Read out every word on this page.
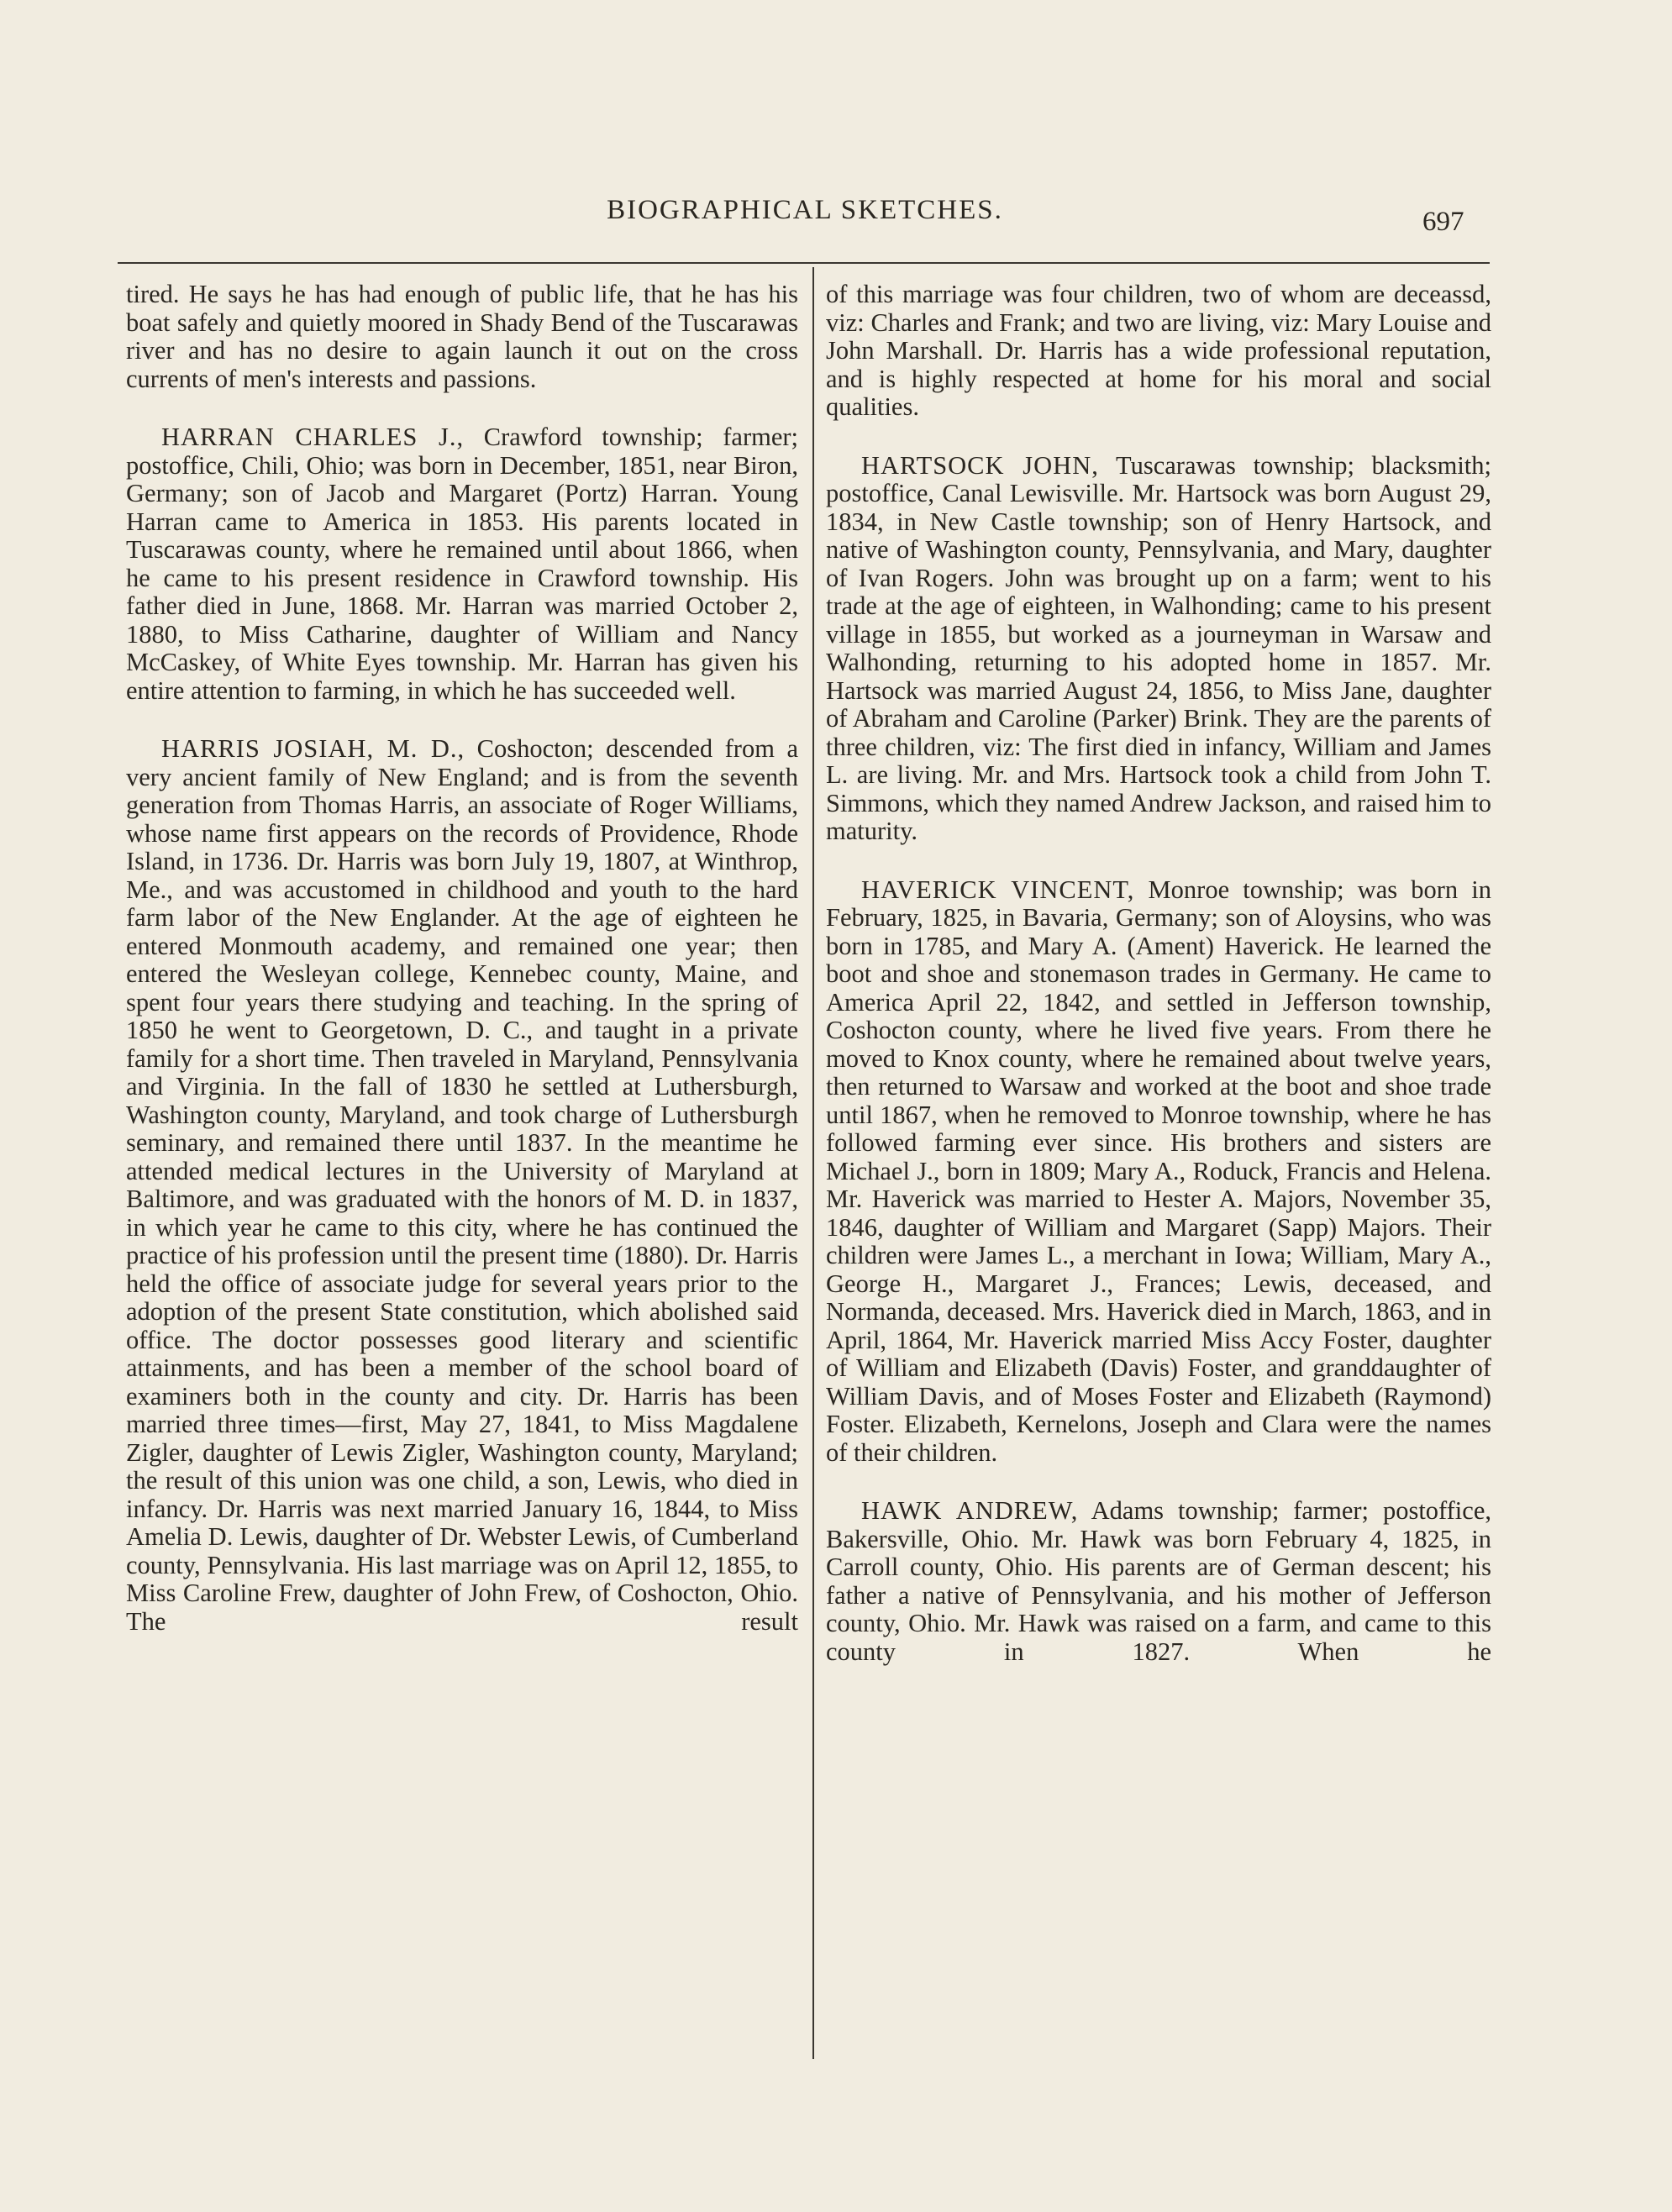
BIOGRAPHICAL SKETCHES.	697

tired. He says he has had enough of public life, that he has his boat safely and quietly moored in Shady Bend of the Tuscarawas river and has no desire to again launch it out on the cross currents of men's interests and passions.

HARRAN CHARLES J., Crawford township; farmer; postoffice, Chili, Ohio; was born in December, 1851, near Biron, Germany; son of Jacob and Margaret (Portz) Harran. Young Harran came to America in 1853. His parents located in Tuscarawas county, where he remained until about 1866, when he came to his present residence in Crawford township. His father died in June, 1868. Mr. Harran was married October 2, 1880, to Miss Catharine, daughter of William and Nancy McCaskey, of White Eyes township. Mr. Harran has given his entire attention to farming, in which he has succeeded well.

HARRIS JOSIAH, M. D., Coshocton; descended from a very ancient family of New England; and is from the seventh generation from Thomas Harris, an associate of Roger Williams, whose name first appears on the records of Providence, Rhode Island, in 1736. Dr. Harris was born July 19, 1807, at Winthrop, Me., and was accustomed in childhood and youth to the hard farm labor of the New Englander. At the age of eighteen he entered Monmouth academy, and remained one year; then entered the Wesleyan college, Kennebec county, Maine, and spent four years there studying and teaching. In the spring of 1850 he went to Georgetown, D. C., and taught in a private family for a short time. Then traveled in Maryland, Pennsylvania and Virginia. In the fall of 1830 he settled at Luthersburgh, Washington county, Maryland, and took charge of Luthersburgh seminary, and remained there until 1837. In the meantime he attended medical lectures in the University of Maryland at Baltimore, and was graduated with the honors of M. D. in 1837, in which year he came to this city, where he has continued the practice of his profession until the present time (1880). Dr. Harris held the office of associate judge for several years prior to the adoption of the present State constitution, which abolished said office. The doctor possesses good literary and scientific attainments, and has been a member of the school board of examiners both in the county and city. Dr. Harris has been married three times—first, May 27, 1841, to Miss Magdalene Zigler, daughter of Lewis Zigler, Washington county, Maryland; the result of this union was one child, a son, Lewis, who died in infancy. Dr. Harris was next married January 16, 1844, to Miss Amelia D. Lewis, daughter of Dr. Webster Lewis, of Cumberland county, Pennsylvania. His last marriage was on April 12, 1855, to Miss Caroline Frew, daughter of John Frew, of Coshocton, Ohio. The result

of this marriage was four children, two of whom are deceassd, viz: Charles and Frank; and two are living, viz: Mary Louise and John Marshall. Dr. Harris has a wide professional reputation, and is highly respected at home for his moral and social qualities.

HARTSOCK JOHN, Tuscarawas township; blacksmith; postoffice, Canal Lewisville. Mr. Hartsock was born August 29, 1834, in New Castle township; son of Henry Hartsock, and native of Washington county, Pennsylvania, and Mary, daughter of Ivan Rogers. John was brought up on a farm; went to his trade at the age of eighteen, in Walhonding; came to his present village in 1855, but worked as a journeyman in Warsaw and Walhonding, returning to his adopted home in 1857. Mr. Hartsock was married August 24, 1856, to Miss Jane, daughter of Abraham and Caroline (Parker) Brink. They are the parents of three children, viz: The first died in infancy, William and James L. are living. Mr. and Mrs. Hartsock took a child from John T. Simmons, which they named Andrew Jackson, and raised him to maturity.

HAVERICK VINCENT, Monroe township; was born in February, 1825, in Bavaria, Germany; son of Aloysins, who was born in 1785, and Mary A. (Ament) Haverick. He learned the boot and shoe and stonemason trades in Germany. He came to America April 22, 1842, and settled in Jefferson township, Coshocton county, where he lived five years. From there he moved to Knox county, where he remained about twelve years, then returned to Warsaw and worked at the boot and shoe trade until 1867, when he removed to Monroe township, where he has followed farming ever since. His brothers and sisters are Michael J., born in 1809; Mary A., Roduck, Francis and Helena. Mr. Haverick was married to Hester A. Majors, November 35, 1846, daughter of William and Margaret (Sapp) Majors. Their children were James L., a merchant in Iowa; William, Mary A., George H., Margaret J., Frances; Lewis, deceased, and Normanda, deceased. Mrs. Haverick died in March, 1863, and in April, 1864, Mr. Haverick married Miss Accy Foster, daughter of William and Elizabeth (Davis) Foster, and granddaughter of William Davis, and of Moses Foster and Elizabeth (Raymond) Foster. Elizabeth, Kernelons, Joseph and Clara were the names of their children.

HAWK ANDREW, Adams township; farmer; postoffice, Bakersville, Ohio. Mr. Hawk was born February 4, 1825, in Carroll county, Ohio. His parents are of German descent; his father a native of Pennsylvania, and his mother of Jefferson county, Ohio. Mr. Hawk was raised on a farm, and came to this county in 1827. When he
